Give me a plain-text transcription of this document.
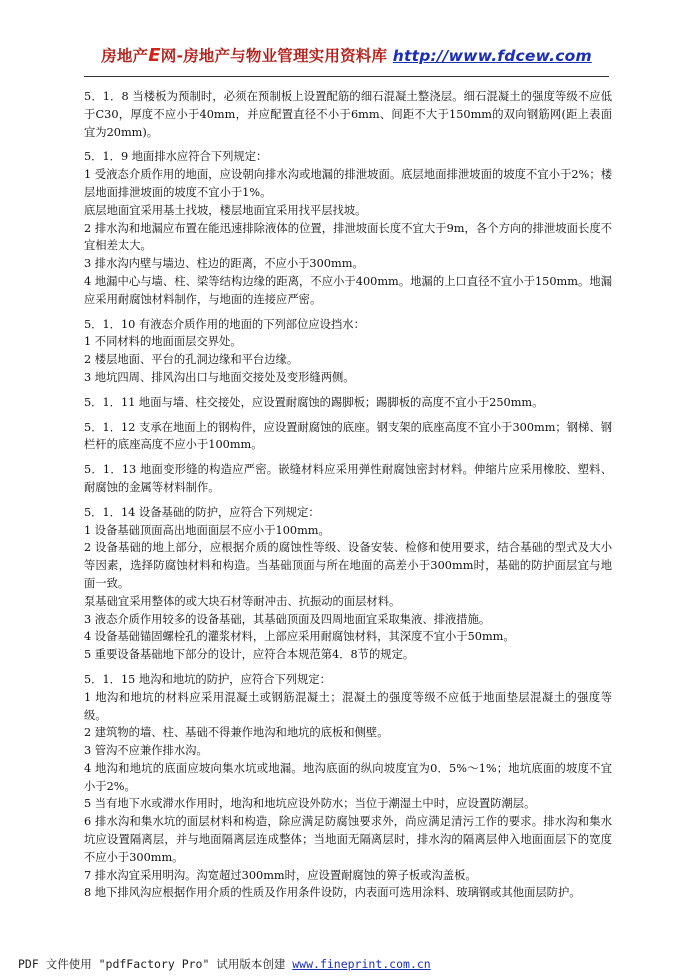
房地产E网-房地产与物业管理实用资料库 http://www.fdcew.com
5．1．8 当楼板为预制时，必须在预制板上设置配筋的细石混凝土整浇层。细石混凝土的强度等级不应低于C30，厚度不应小于40mm，并应配置直径不小于6mm、间距不大于150mm的双向钢筋网(距上表面宜为20mm)。
5．1．9 地面排水应符合下列规定：
1 受液态介质作用的地面，应设朝向排水沟或地漏的排泄坡面。底层地面排泄坡面的坡度不宜小于2%；楼层地面排泄坡面的坡度不宜小于1%。
底层地面宜采用基土找坡，楼层地面宜采用找平层找坡。
2 排水沟和地漏应布置在能迅速排除液体的位置，排泄坡面长度不宜大于9m，各个方向的排泄坡面长度不宜相差太大。
3 排水沟内壁与墙边、柱边的距离，不应小于300mm。
4 地漏中心与墙、柱、梁等结构边缘的距离，不应小于400mm。地漏的上口直径不宜小于150mm。地漏应采用耐腐蚀材料制作，与地面的连接应严密。
5．1．10 有液态介质作用的地面的下列部位应设挡水：
1 不同材料的地面面层交界处。
2 楼层地面、平台的孔洞边缘和平台边缘。
3 地坑四周、排风沟出口与地面交接处及变形缝两侧。
5．1．11 地面与墙、柱交接处，应设置耐腐蚀的踢脚板；踢脚板的高度不宜小于250mm。
5．1．12 支承在地面上的钢构件，应设置耐腐蚀的底座。钢支架的底座高度不宜小于300mm；钢梯、钢栏杆的底座高度不应小于100mm。
5．1．13 地面变形缝的构造应严密。嵌缝材料应采用弹性耐腐蚀密封材料。伸缩片应采用橡胶、塑料、耐腐蚀的金属等材料制作。
5．1．14 设备基础的防护，应符合下列规定：
1 设备基础顶面高出地面面层不应小于100mm。
2 设备基础的地上部分，应根据介质的腐蚀性等级、设备安装、检修和使用要求，结合基础的型式及大小等因素，选择防腐蚀材料和构造。当基础顶面与所在地面的高差小于300mm时，基础的防护面层宜与地面一致。
泵基础宜采用整体的或大块石材等耐冲击、抗振动的面层材料。
3 液态介质作用较多的设备基础，其基础顶面及四周地面宜采取集液、排液措施。
4 设备基础锚固螺栓孔的灌浆材料，上部应采用耐腐蚀材料，其深度不宜小于50mm。
5 重要设备基础地下部分的设计，应符合本规范第4．8节的规定。
5．1．15 地沟和地坑的防护，应符合下列规定：
1 地沟和地坑的材料应采用混凝土或钢筋混凝土；混凝土的强度等级不应低于地面垫层混凝土的强度等级。
2 建筑物的墙、柱、基础不得兼作地沟和地坑的底板和侧壁。
3 管沟不应兼作排水沟。
4 地沟和地坑的底面应坡向集水坑或地漏。地沟底面的纵向坡度宜为0．5%～1%；地坑底面的坡度不宜小于2%。
5 当有地下水或滞水作用时，地沟和地坑应设外防水；当位于潮湿土中时，应设置防潮层。
6 排水沟和集水坑的面层材料和构造，除应满足防腐蚀要求外，尚应满足清污工作的要求。排水沟和集水坑应设置隔离层，并与地面隔离层连成整体；当地面无隔离层时，排水沟的隔离层伸入地面面层下的宽度不应小于300mm。
7 排水沟宜采用明沟。沟宽超过300mm时，应设置耐腐蚀的箅子板或沟盖板。
8 地下排风沟应根据作用介质的性质及作用条件设防，内表面可选用涂料、玻璃钢或其他面层防护。
PDF 文件使用 "pdfFactory Pro" 试用版本创建 www.fineprint.com.cn
